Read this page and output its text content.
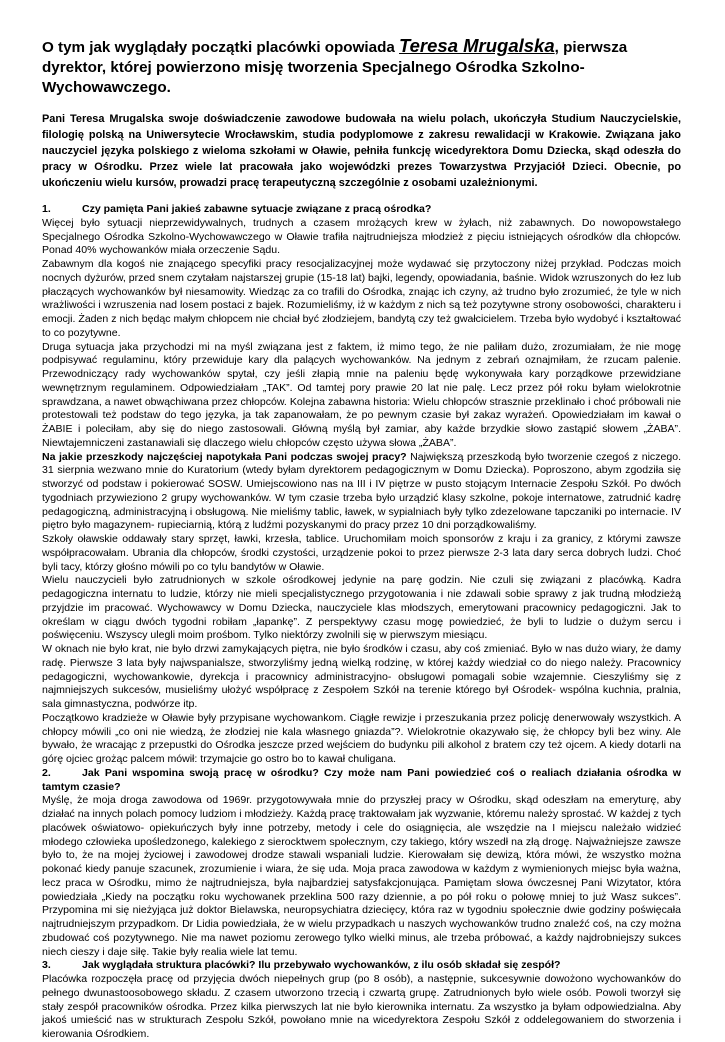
O tym jak wyglądały początki placówki opowiada Teresa Mrugalska, pierwsza dyrektor, której powierzono misję tworzenia Specjalnego Ośrodka Szkolno-Wychowawczego.

Pani Teresa Mrugalska swoje doświadczenie zawodowe budowała na wielu polach, ukończyła Studium Nauczycielskie, filologię polską na Uniwersytecie Wrocławskim, studia podyplomowe z zakresu rewalidacji w Krakowie. Związana jako nauczyciel języka polskiego z wieloma szkołami w Oławie, pełniła funkcję wicedyrektora Domu Dziecka, skąd odeszła do pracy w Ośrodku. Przez wiele lat pracowała jako wojewódzki prezes Towarzystwa Przyjaciół Dzieci. Obecnie, po ukończeniu wielu kursów, prowadzi pracę terapeutyczną szczególnie z osobami uzależnionymi.

1.	Czy pamięta Pani jakieś zabawne sytuacje związane z pracą ośrodka?

Więcej było sytuacji nieprzewidywalnych, trudnych a czasem mrożących krew w żyłach, niż zabawnych. Do nowopowstałego Specjalnego Ośrodka Szkolno-Wychowawczego w Oławie trafiła najtrudniejsza młodzież z pięciu istniejących ośrodków dla chłopców. Ponad 40% wychowanków miała orzeczenie Sądu.

Zabawnym dla kogoś nie znającego specyfiki pracy resocjalizacyjnej może wydawać się przytoczony niżej przykład. Podczas moich nocnych dyżurów, przed snem czytałam najstarszej grupie (15-18 lat) bajki, legendy, opowiadania, baśnie. Widok wzruszonych do łez lub płaczących wychowanków był niesamowity. Wiedząc za co trafili do Ośrodka, znając ich czyny, aż trudno było zrozumieć, że tyle w nich wrażliwości i wzruszenia nad losem postaci z bajek. Rozumieliśmy, iż w każdym z nich są też pozytywne strony osobowości, charakteru i emocji. Żaden z nich będąc małym chłopcem nie chciał być złodziejem, bandytą czy też gwałcicielem. Trzeba było wydobyć i kształtować to co pozytywne.

Druga sytuacja jaka przychodzi mi na myśl związana jest z faktem, iż mimo tego, że nie paliłam dużo, zrozumiałam, że nie mogę podpisywać regulaminu, który przewiduje kary dla palących wychowanków. Na jednym z zebrań oznajmiłam, że rzucam palenie. Przewodniczący rady wychowanków spytał, czy jeśli złapią mnie na paleniu będę wykonywała kary porządkowe przewidziane wewnętrznym regulaminem. Odpowiedziałam „TAK”. Od tamtej pory prawie 20 lat nie palę. Lecz przez pół roku byłam wielokrotnie sprawdzana, a nawet obwąchiwana przez chłopców. Kolejna zabawna historia: Wielu chłopców strasznie przeklinało i choć próbowali nie protestowali też podstaw do tego języka, ja tak zapanowałam, że po pewnym czasie był zakaz wyrażeń. Opowiedziałam im kawał o ŻABIE i poleciłam, aby się do niego zastosowali. Główną myślą był zamiar, aby każde brzydkie słowo zastąpić słowem „ŻABA”. Niewtajemniczeni zastanawiali się dlaczego wielu chłopców często używa słowa „ŻABA”.

Na jakie przeszkody najczęściej napotykała Pani podczas swojej pracy? Największą przeszkodą było tworzenie czegoś z niczego. 31 sierpnia wezwano mnie do Kuratorium (wtedy byłam dyrektorem pedagogicznym w Domu Dziecka). Poproszono, abym zgodziła się stworzyć od podstaw i pokierować SOSW. Umiejscowiono nas na III i IV piętrze w pusto stojącym Internacie Zespołu Szkół. Po dwóch tygodniach przywieziono 2 grupy wychowanków. W tym czasie trzeba było urządzić klasy szkolne, pokoje internatowe, zatrudnić kadrę pedagogiczną, administracyjną i obsługową. Nie mieliśmy tablic, ławek, w sypialniach były tylko zdezelowane tapczaniki po internacie. IV piętro było magazynem- rupieciarnią, którą z ludźmi pozyskanymi do pracy przez 10 dni porządkowaliśmy.

Szkoły oławskie oddawały stary sprzęt, ławki, krzesła, tablice. Uruchomiłam moich sponsorów z kraju i za granicy, z którymi zawsze współpracowałam. Ubrania dla chłopców, środki czystości, urządzenie pokoi to przez pierwsze 2-3 lata dary serca dobrych ludzi. Choć byli tacy, którzy głośno mówili po co tylu bandytów w Oławie.

Wielu nauczycieli było zatrudnionych w szkole ośrodkowej jedynie na parę godzin. Nie czuli się związani z placówką. Kadra pedagogiczna internatu to ludzie, którzy nie mieli specjalistycznego przygotowania i nie zdawali sobie sprawy z jak trudną młodzieżą przyjdzie im pracować. Wychowawcy w Domu Dziecka, nauczyciele klas młodszych, emerytowani pracownicy pedagogiczni. Jak to określam w ciągu dwóch tygodni robiłam „łapankę”. Z perspektywy czasu mogę powiedzieć, że byli to ludzie o dużym sercu i poświęceniu. Wszyscy ulegli moim prośbom. Tylko niektórzy zwolnili się w pierwszym miesiącu.

W oknach nie było krat, nie było drzwi zamykających piętra, nie było środków i czasu, aby coś zmieniać. Było w nas dużo wiary, że damy radę. Pierwsze 3 lata były najwspanialsze, stworzyliśmy jedną wielką rodzinę, w której każdy wiedział co do niego należy. Pracownicy pedagogiczni, wychowankowie, dyrekcja i pracownicy administracyjno- obsługowi pomagali sobie wzajemnie. Cieszyliśmy się z najmniejszych sukcesów, musieliśmy ułożyć współpracę z Zespołem Szkół na terenie którego był Ośrodek- wspólna kuchnia, pralnia, sala gimnastyczna, podwórze itp.

Początkowo kradzieże w Oławie były przypisane wychowankom. Ciągłe rewizje i przeszukania przez policję denerwowały wszystkich. A chłopcy mówili „co oni nie wiedzą, że złodziej nie kala własnego gniazda”?. Wielokrotnie okazywało się, że chłopcy byli bez winy. Ale bywało, że wracając z przepustki do Ośrodka jeszcze przed wejściem do budynku pili alkohol z bratem czy też ojcem. A kiedy dotarli na górę ojciec grożąc palcem mówił: trzymajcie go ostro bo to kawał chuligana.

2.	Jak Pani wspomina swoją pracę w ośrodku? Czy może nam Pani powiedzieć coś o realiach działania ośrodka w tamtym czasie?

Myślę, że moja droga zawodowa od 1969r. przygotowywała mnie do przyszłej pracy w Ośrodku, skąd odeszłam na emeryturę, aby działać na innych polach pomocy ludziom i młodzieży. Każdą pracę traktowałam jak wyzwanie, któremu należy sprostać. W każdej z tych placówek oświatowo- opiekuńczych były inne potrzeby, metody i cele do osiągnięcia, ale wszędzie na I miejscu należało widzieć młodego człowieka upośledzonego, kalekiego z sierocktwem społecznym, czy takiego, który wszedł na złą drogę. Najważniejsze zawsze było to, że na mojej życiowej i zawodowej drodze stawali wspaniali ludzie. Kierowałam się dewizą, która mówi, że wszystko można pokonać kiedy panuje szacunek, zrozumienie i wiara, że się uda. Moja praca zawodowa w każdym z wymienionych miejsc była ważna, lecz praca w Ośrodku, mimo że najtrudniejsza, była najbardziej satysfakcjonująca. Pamiętam słowa ówczesnej Pani Wizytator, która powiedziała „Kiedy na początku roku wychowanek przeklina 500 razy dziennie, a po pół roku o połowę mniej to już Wasz sukces”. Przypomina mi się nieżyjąca już doktor Bielawska, neuropsychiatra dziecięcy, która raz w tygodniu społecznie dwie godziny poświęcała najtrudniejszym przypadkom. Dr Lidia powiedziała, że w wielu przypadkach u naszych wychowanków trudno znaleźć coś, na czy można zbudować coś pozytywnego. Nie ma nawet poziomu zerowego tylko wielki minus, ale trzeba próbować, a każdy najdrobniejszy sukces niech cieszy i daje siłę. Takie były realia wiele lat temu.

3.	Jak wyglądała struktura placówki? Ilu przebywało wychowanków, z ilu osób składał się zespół?

Placówka rozpoczęła pracę od przyjęcia dwóch niepełnych grup (po 8 osób), a następnie, sukcesywnie dowożono wychowanków do pełnego dwunastoosobowego składu. Z czasem utworzono trzecią i czwartą grupę. Zatrudnionych było wiele osób. Powoli tworzył się stały zespół pracowników ośrodka. Przez kilka pierwszych lat nie było kierownika internatu. Za wszystko ja byłam odpowiedzialna. Aby jakoś umieścić nas w strukturach Zespołu Szkół, powołano mnie na wicedyrektora Zespołu Szkół z oddelegowaniem do stworzenia i kierowania Ośrodkiem.
